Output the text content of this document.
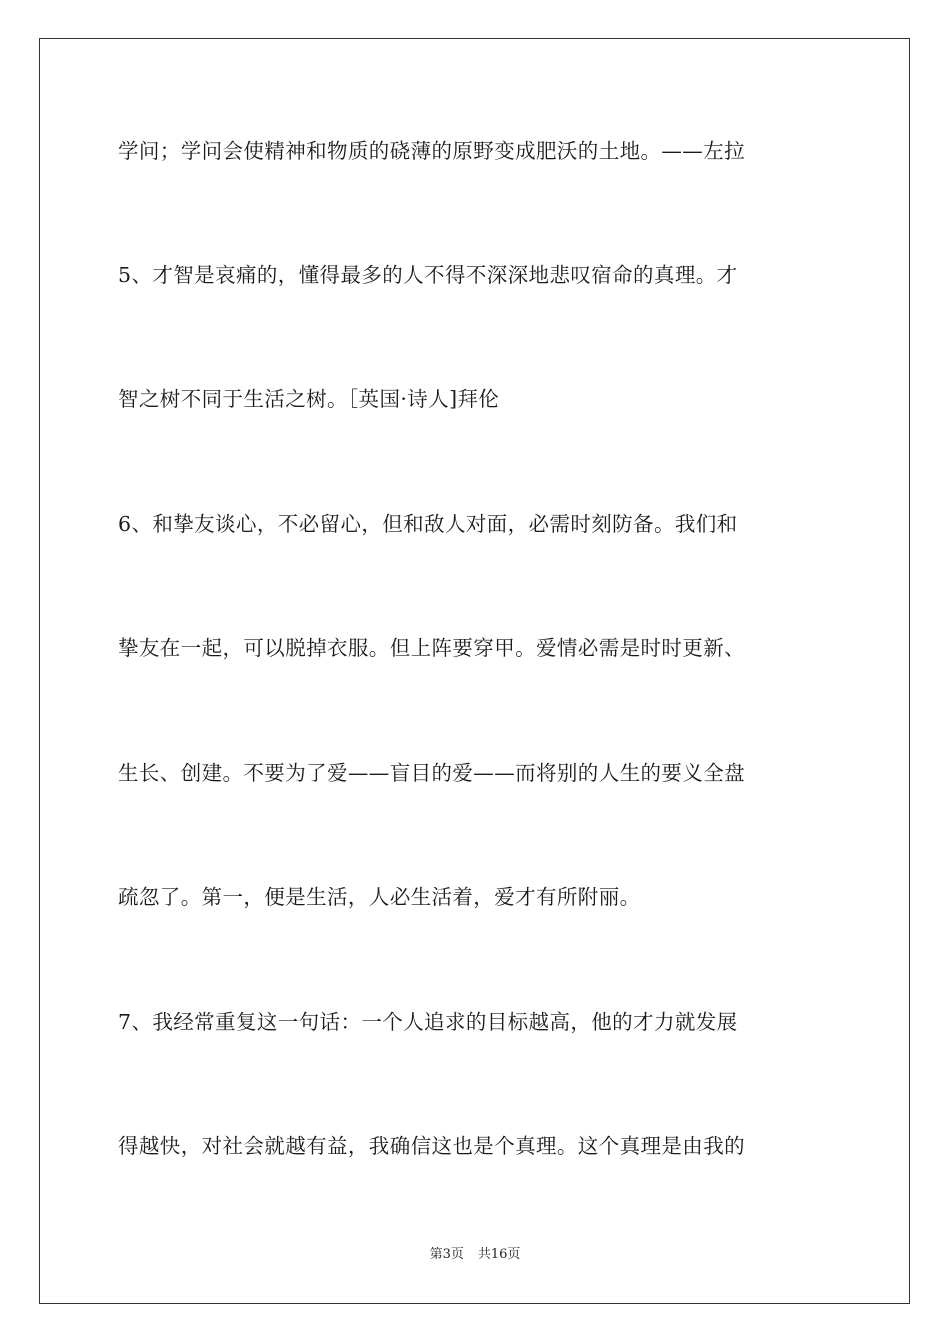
学问；学问会使精神和物质的硗薄的原野变成肥沃的土地。——左拉
5、才智是哀痛的，懂得最多的人不得不深深地悲叹宿命的真理。才
智之树不同于生活之树。［英国·诗人]拜伦
6、和挚友谈心，不必留心，但和敌人对面，必需时刻防备。我们和
挚友在一起，可以脱掉衣服。但上阵要穿甲。爱情必需是时时更新、
生长、创建。不要为了爱——盲目的爱——而将别的人生的要义全盘
疏忽了。第一，便是生活，人必生活着，爱才有所附丽。
7、我经常重复这一句话：一个人追求的目标越高，他的才力就发展
得越快，对社会就越有益，我确信这也是个真理。这个真理是由我的
第3页 共16页
